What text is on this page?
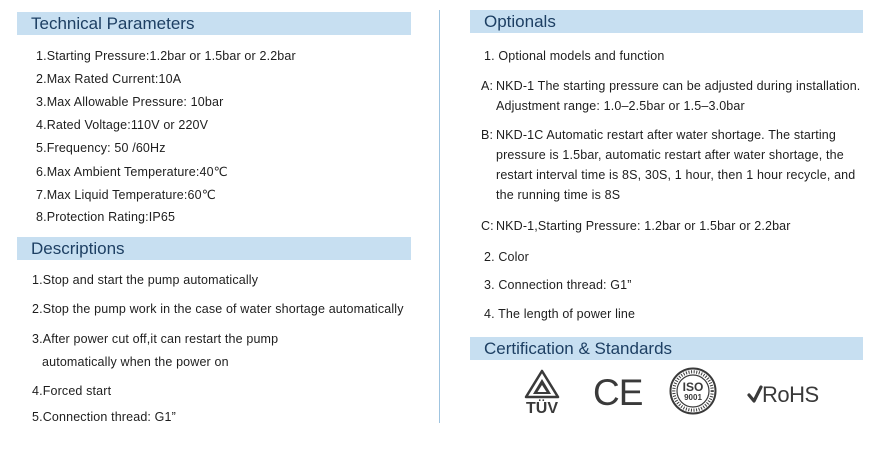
Technical Parameters
1.Starting Pressure:1.2bar or 1.5bar or 2.2bar
2.Max Rated Current:10A
3.Max Allowable Pressure: 10bar
4.Rated Voltage:110V or 220V
5.Frequency: 50 /60Hz
6.Max Ambient Temperature:40℃
7.Max Liquid Temperature:60℃
8.Protection Rating:IP65
Descriptions
1.Stop and start the pump automatically
2.Stop the pump work in the case of water shortage automatically
3.After power cut off,it can restart the pump
automatically when the power on
4.Forced start
5.Connection thread: G1”
Optionals
1. Optional models and function
A: NKD-1 The starting pressure can be adjusted during installation.
Adjustment range: 1.0–2.5bar or 1.5–3.0bar
B: NKD-1C Automatic restart after water shortage. The starting
pressure is 1.5bar, automatic restart after water shortage, the
restart interval time is 8S, 30S, 1 hour, then 1 hour recycle, and
the running time is 8S
C: NKD-1,Starting Pressure: 1.2bar or 1.5bar or 2.2bar
2. Color
3. Connection thread: G1”
4. The length of power line
Certification & Standards
TÜV CE	ISO
9001	RoHS
